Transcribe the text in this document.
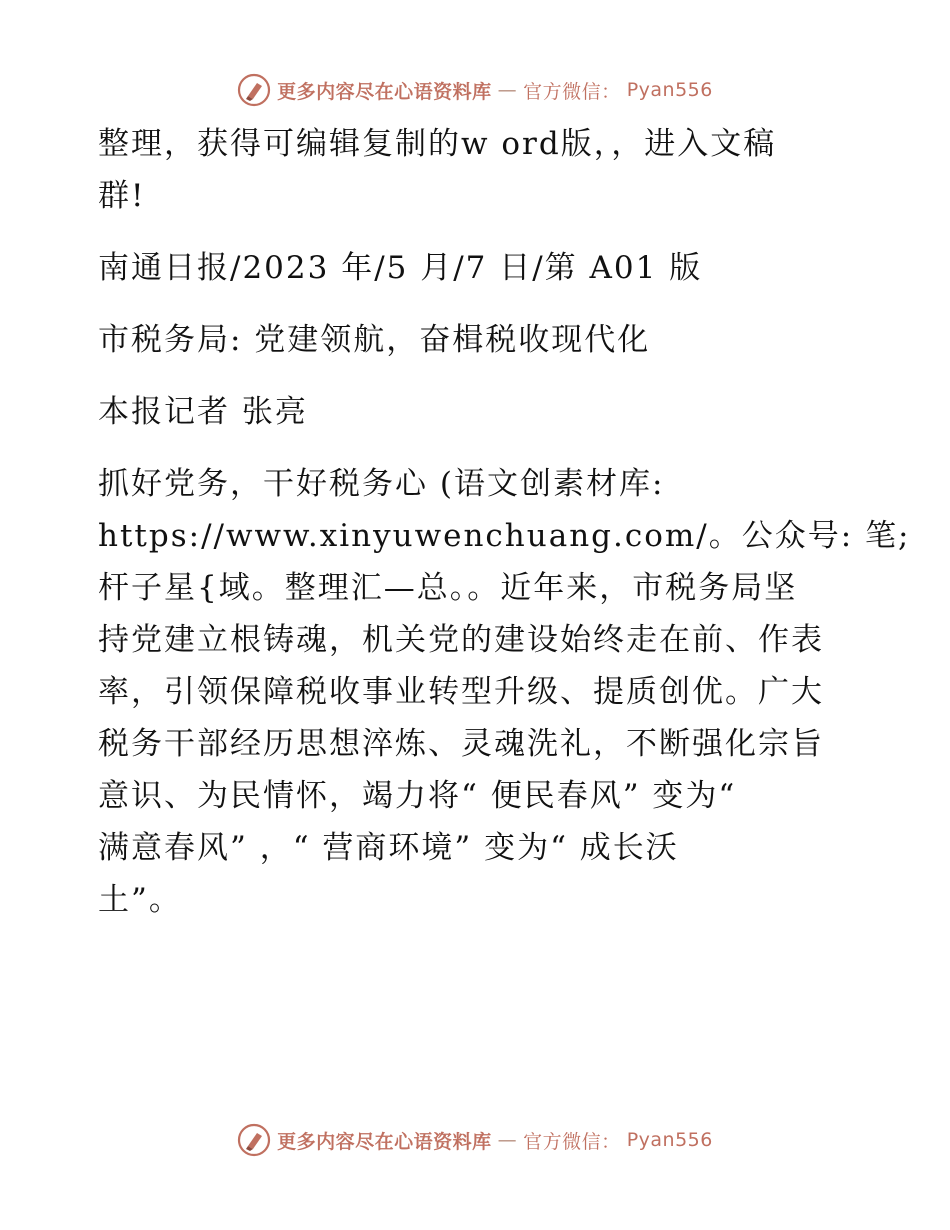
更多内容尽在心语资料库 — 官方微信： Pyan556
整理，获得可编辑复制的w ord版，，进入文稿
群!
南通日报/2023 年/5 月/7 日/第 A01 版
市税务局: 党建领航，奋楫税收现代化
本报记者 张亮
抓好党务，干好税务心 (语文创素材库:
https://www.xinyuwenchuang.com/。公众号: 笔;
杆子星{域。整理汇—总。。近年来，市税务局坚
持党建立根铸魂，机关党的建设始终走在前、作表
率，引领保障税收事业转型升级、提质创优。广大
税务干部经历思想淬炼、灵魂洗礼，不断强化宗旨
意识、为民情怀，竭力将“ 便民春风” 变为“
满意春风” ，“ 营商环境” 变为“ 成长沃
土”。
更多内容尽在心语资料库 — 官方微信： Pyan556
